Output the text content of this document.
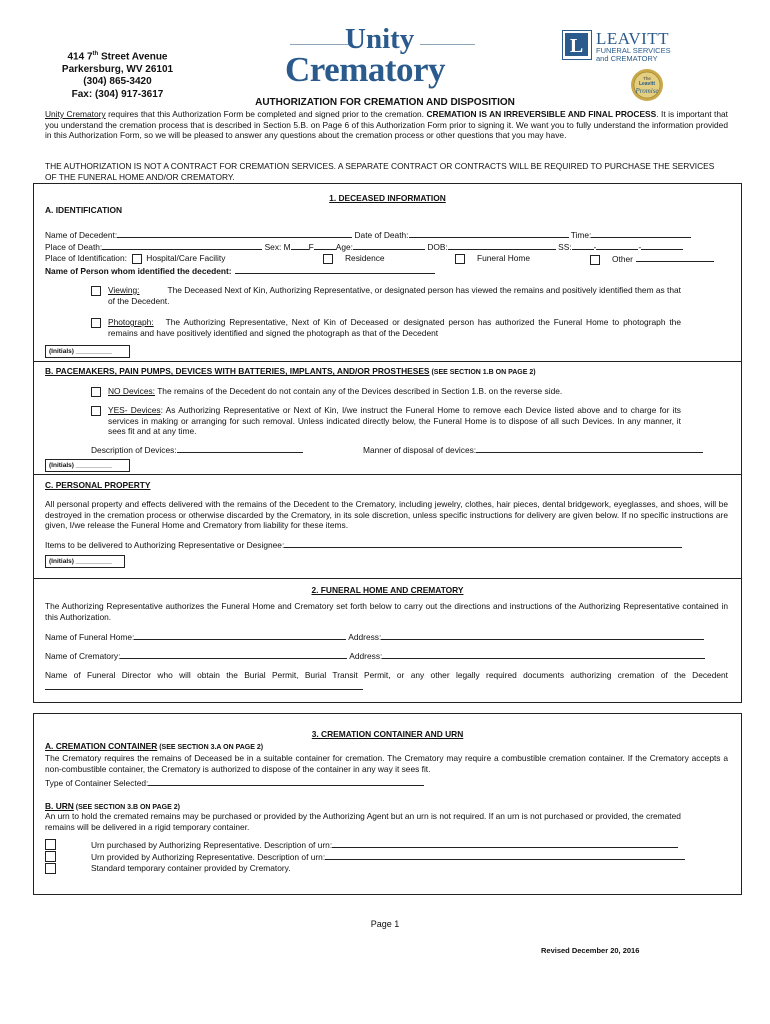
414 7th Street Avenue
Parkersburg, WV 26101
(304) 865-3420
Fax: (304) 917-3617
Unity
Crematory
L LEAVITT
FUNERAL SERVICES
and CREMATORY
The
Leavitt
Promise
AUTHORIZATION FOR CREMATION AND DISPOSITION
Unity Crematory requires that this Authorization Form be completed and signed prior to the cremation. CREMATION IS AN IRREVERSIBLE AND FINAL PROCESS. It is important that you understand the cremation process that is described in Section 5.B. on Page 6 of this Authorization Form prior to signing it. We want you to fully understand the information provided in this Authorization Form, so we will be pleased to answer any questions about the cremation process or other questions that you may have.
THE AUTHORIZATION IS NOT A CONTRACT FOR CREMATION SERVICES. A SEPARATE CONTRACT OR CONTRACTS WILL BE REQUIRED TO PURCHASE THE SERVICES OF THE FUNERAL HOME AND/OR CREMATORY.
1. DECEASED INFORMATION
A. IDENTIFICATION
Name of Decedent:	Date of Death:	Time:
Place of Death:	Sex: M F	Age:	DOB:	SS:	-	-
Place of Identification: Hospital/Care Facility	Residence	Funeral Home	Other
Name of Person whom identified the decedent:
Viewing:	The Deceased Next of Kin, Authorizing Representative, or designated person has viewed the remains and positively identified them as that of the Decedent.
Photograph: The Authorizing Representative, Next of Kin of Deceased or designated person has authorized the Funeral Home to photograph the remains and have positively identified and signed the photograph as that of the Decedent
(Initials) __________
B. PACEMAKERS, PAIN PUMPS, DEVICES WITH BATTERIES, IMPLANTS, AND/OR PROSTHESES (SEE SECTION 1.B ON PAGE 2)
NO Devices: The remains of the Decedent do not contain any of the Devices described in Section 1.B. on the reverse side.
YES- Devices: As Authorizing Representative or Next of Kin, I/we instruct the Funeral Home to remove each Device listed above and to charge for its services in making or arranging for such removal. Unless indicated directly below, the Funeral Home is to dispose of all such Devices. In any manner, it sees fit and at any time.
Description of Devices:	Manner of disposal of devices:
(Initials) __________
C. PERSONAL PROPERTY
All personal property and effects delivered with the remains of the Decedent to the Crematory, including jewelry, clothes, hair pieces, dental bridgework, eyeglasses, and shoes, will be destroyed in the cremation process or otherwise discarded by the Crematory, in its sole discretion, unless specific instructions for delivery are given below. If no specific instructions are given, I/we release the Funeral Home and Crematory from liability for these items.
Items to be delivered to Authorizing Representative or Designee:
(Initials) __________
2. FUNERAL HOME AND CREMATORY
The Authorizing Representative authorizes the Funeral Home and Crematory set forth below to carry out the directions and instructions of the Authorizing Representative contained in this Authorization.
Name of Funeral Home:	Address:
Name of Crematory:	Address:
Name of Funeral Director who will obtain the Burial Permit, Burial Transit Permit, or any other legally required documents authorizing cremation of the Decedent
3. CREMATION CONTAINER AND URN
A. CREMATION CONTAINER (SEE SECTION 3.A ON PAGE 2)
The Crematory requires the remains of Deceased be in a suitable container for cremation. The Crematory may require a combustible cremation container. If the Crematory accepts a non-combustible container, the Crematory is authorized to dispose of the container in any way it sees fit.
Type of Container Selected:
B. URN (SEE SECTION 3.B ON PAGE 2)
An urn to hold the cremated remains may be purchased or provided by the Authorizing Agent but an urn is not required. If an urn is not purchased or provided, the cremated remains will be delivered in a rigid temporary container.
Urn purchased by Authorizing Representative. Description of urn:
Urn provided by Authorizing Representative. Description of urn:
Standard temporary container provided by Crematory.
Page 1
Revised December 20, 2016
